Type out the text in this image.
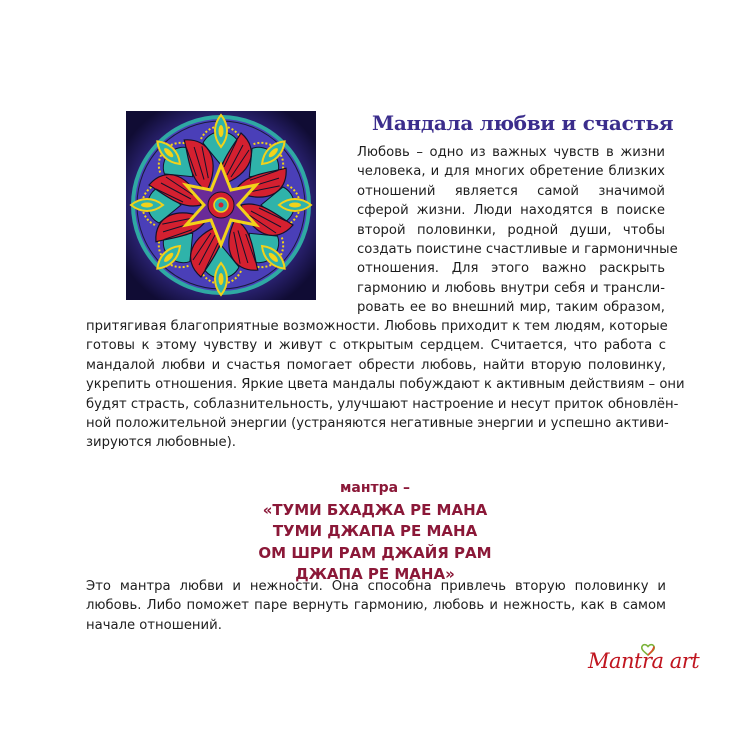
Мандала любви и счастья
Любовь – одно из важных чувств в жизни
человека, и для многих обретение близких
отношений является самой значимой
сферой жизни. Люди находятся в поиске
второй половинки, родной души, чтобы
создать поистине счастливые и гармоничные
отношения. Для этого важно раскрыть
гармонию и любовь внутри себя и трансли-
ровать ее во внешний мир, таким образом,
притягивая благоприятные возможности. Любовь приходит к тем людям, которые
готовы к этому чувству и живут с открытым сердцем. Считается, что работа с
мандалой любви и счастья помогает обрести любовь, найти вторую половинку,
укрепить отношения. Яркие цвета мандалы побуждают к активным действиям – они
будят страсть, соблазнительность, улучшают настроение и несут приток обновлён-
ной положительной энергии (устраняются негативные энергии и успешно активи-
зируются любовные).
мантра –
«ТУМИ БХАДЖА РЕ МАНА
ТУМИ ДЖАПА РЕ МАНА
ОМ ШРИ РАМ ДЖАЙЯ РАМ
ДЖАПА РЕ МАНА»
Это мантра любви и нежности. Она способна привлечь вторую половинку и
любовь. Либо поможет паре вернуть гармонию, любовь и нежность, как в самом
начале отношений.
Mantra art
